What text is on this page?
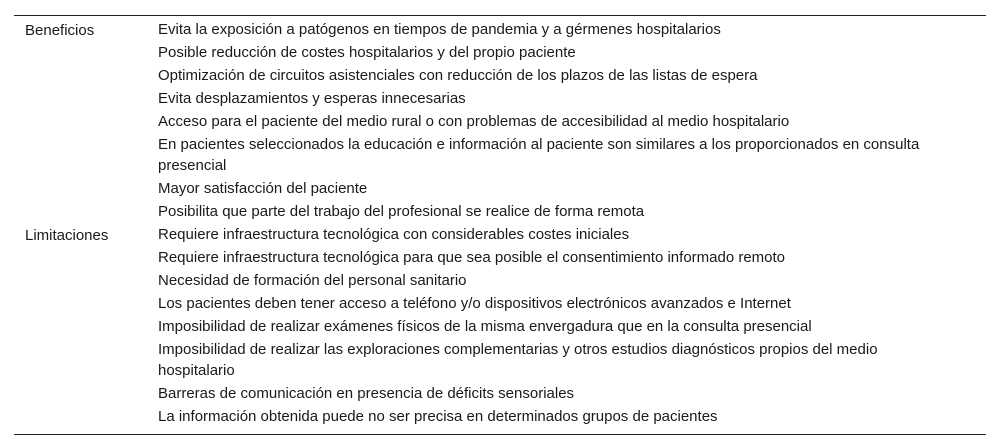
Beneficios	Evita la exposición a patógenos en tiempos de pandemia y a gérmenes hospitalarios
Posible reducción de costes hospitalarios y del propio paciente
Optimización de circuitos asistenciales con reducción de los plazos de las listas de espera
Evita desplazamientos y esperas innecesarias
Acceso para el paciente del medio rural o con problemas de accesibilidad al medio hospitalario
En pacientes seleccionados la educación e información al paciente son similares a los proporcionados en consulta presencial
Mayor satisfacción del paciente
Posibilita que parte del trabajo del profesional se realice de forma remota
Limitaciones	Requiere infraestructura tecnológica con considerables costes iniciales
Requiere infraestructura tecnológica para que sea posible el consentimiento informado remoto
Necesidad de formación del personal sanitario
Los pacientes deben tener acceso a teléfono y/o dispositivos electrónicos avanzados e Internet
Imposibilidad de realizar exámenes físicos de la misma envergadura que en la consulta presencial
Imposibilidad de realizar las exploraciones complementarias y otros estudios diagnósticos propios del medio hospitalario
Barreras de comunicación en presencia de déficits sensoriales
La información obtenida puede no ser precisa en determinados grupos de pacientes
